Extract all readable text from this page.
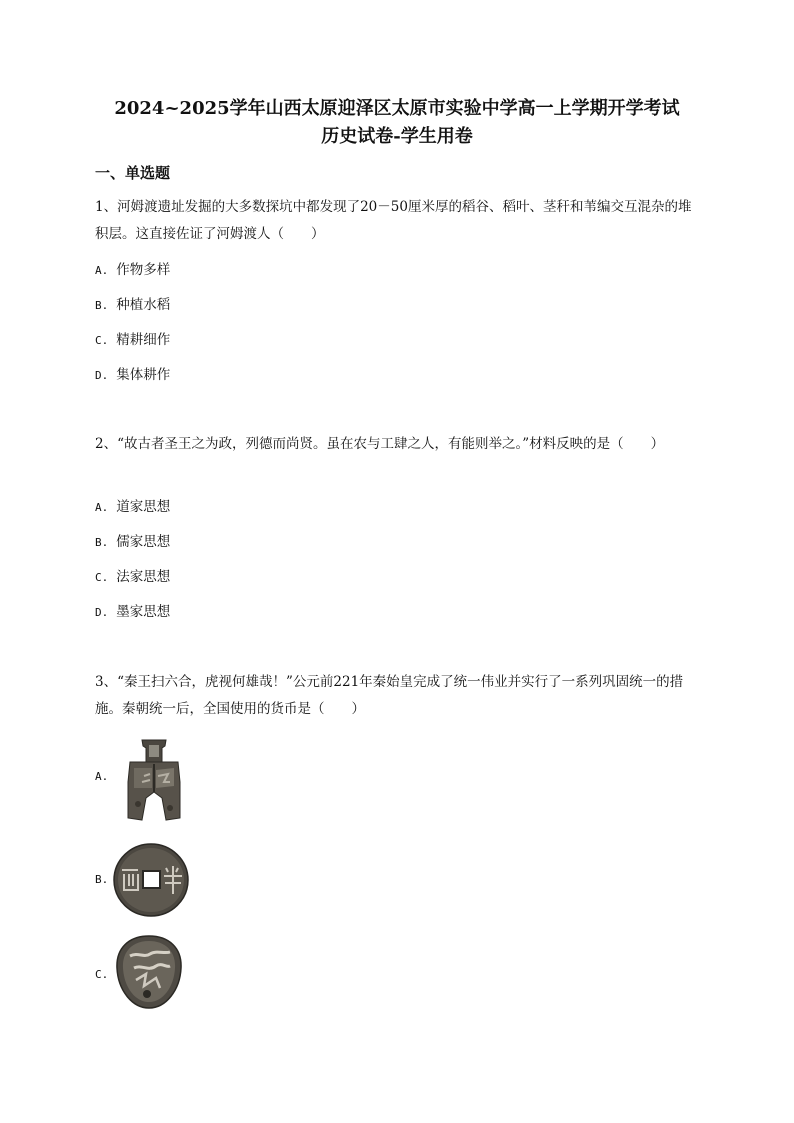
2024~2025学年山西太原迎泽区太原市实验中学高一上学期开学考试
历史试卷-学生用卷
一、单选题
1、河姆渡遗址发掘的大多数探坑中都发现了20－50厘米厚的稻谷、稻叶、茎秆和苇编交互混杂的堆积层。这直接佐证了河姆渡人（　　）
A. 作物多样
B. 种植水稻
C. 精耕细作
D. 集体耕作
2、“故古者圣王之为政，列德而尚贤。虽在农与工肆之人，有能则举之。”材料反映的是（　　）
A. 道家思想
B. 儒家思想
C. 法家思想
D. 墨家思想
3、“秦王扫六合，虎视何雄哉！”公元前221年秦始皇完成了统一伟业并实行了一系列巩固统一的措施。秦朝统一后，全国使用的货币是（　　）
A.
B.
C.
